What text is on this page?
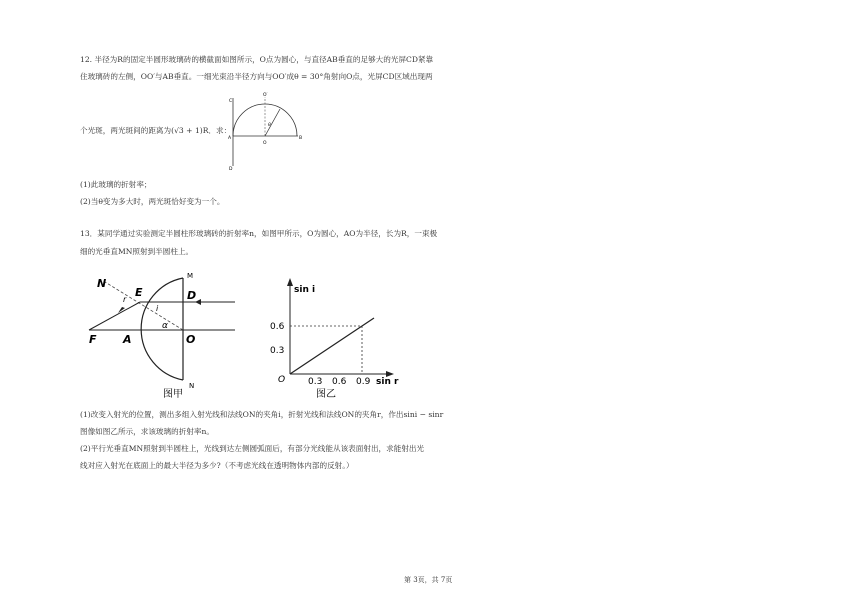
12. 半径为R的固定半圆形玻璃砖的横截面如图所示，O点为圆心，与直径AB垂直的足够大的光屏CD紧靠
住玻璃砖的左侧，OO′与AB垂直。一细光束沿半径方向与OO′成θ = 30°角射向O点，光屏CD区域出现两
C
A
O
B
D
O′
θ
个光斑，两光斑间的距离为(√3 + 1)R．求：
(1)此玻璃的折射率；
(2)当θ变为多大时，两光斑恰好变为一个。
13．某同学通过实验测定半圆柱形玻璃砖的折射率n，如图甲所示，O为圆心，AO为半径，长为R，一束极
细的光垂直MN照射到半圆柱上。
N
M
E	D
r
i
α
F A	O
N
图甲
0.6
0.3
0.3 0.6 0.9
sin i
sin r
O
图乙
(1)改变入射光的位置，测出多组入射光线和法线ON的夹角i，折射光线和法线ON的夹角r，作出sini − sinr
图像如图乙所示，求该玻璃的折射率n。
(2)平行光垂直MN照射到半圆柱上，光线到达左侧圆弧面后，有部分光线能从该表面射出，求能射出光
线对应入射光在底面上的最大半径为多少?（不考虑光线在透明物体内部的反射。）
第 3页，共 7页
